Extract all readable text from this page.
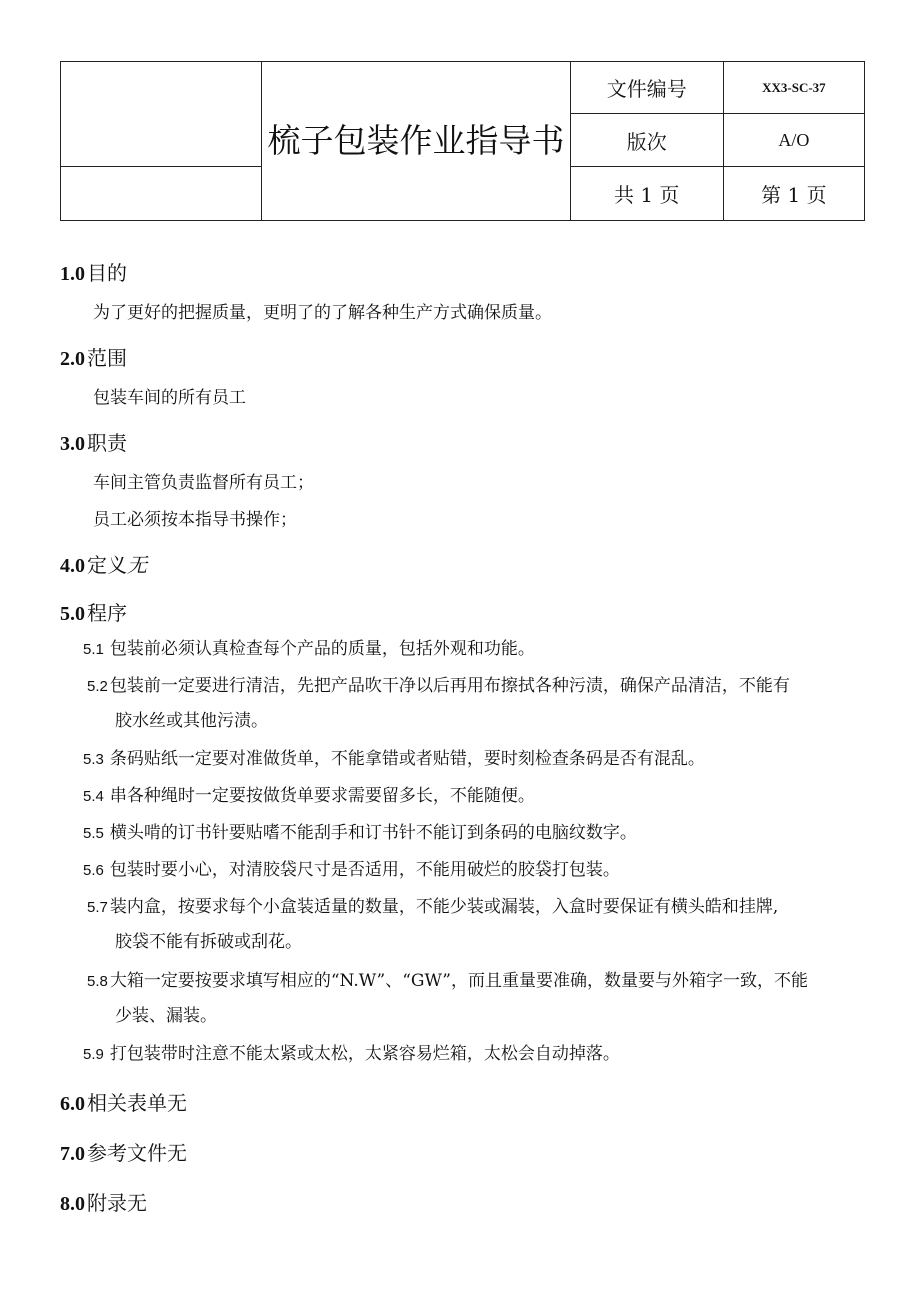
	梳子包装作业指导书	文件编号	XX3-SC-37
		版次	A/O
		共 1 页	第 1 页
1.0 目的
为了更好的把握质量，更明了的了解各种生产方式确保质量。
2.0 范围
包装车间的所有员工
3.0 职责
车间主管负责监督所有员工；
员工必须按本指导书操作；
4.0 定义无
5.0 程序
5.1 包装前必须认真检查每个产品的质量，包括外观和功能。
5.2 包装前一定要进行清洁，先把产品吹干净以后再用布擦拭各种污渍，确保产品清洁，不能有
胶水丝或其他污渍。
5.3 条码贴纸一定要对准做货单，不能拿错或者贴错，要时刻检查条码是否有混乱。
5.4 串各种绳时一定要按做货单要求需要留多长，不能随便。
5.5 横头啃的订书针要贴嗜不能刮手和订书针不能订到条码的电脑纹数字。
5.6 包装时要小心，对清胶袋尺寸是否适用，不能用破烂的胶袋打包装。
5.7 装内盒，按要求每个小盒装适量的数量，不能少装或漏装，入盒时要保证有横头皓和挂牌,
胶袋不能有拆破或刮花。
5.8 大箱一定要按要求填写相应的“N.W”、“GW”，而且重量要准确，数量要与外箱字一致，不能
少装、漏装。
5.9 打包装带时注意不能太紧或太松，太紧容易烂箱，太松会自动掉落。
6.0 相关表单无
7.0 参考文件无
8.0 附录无
